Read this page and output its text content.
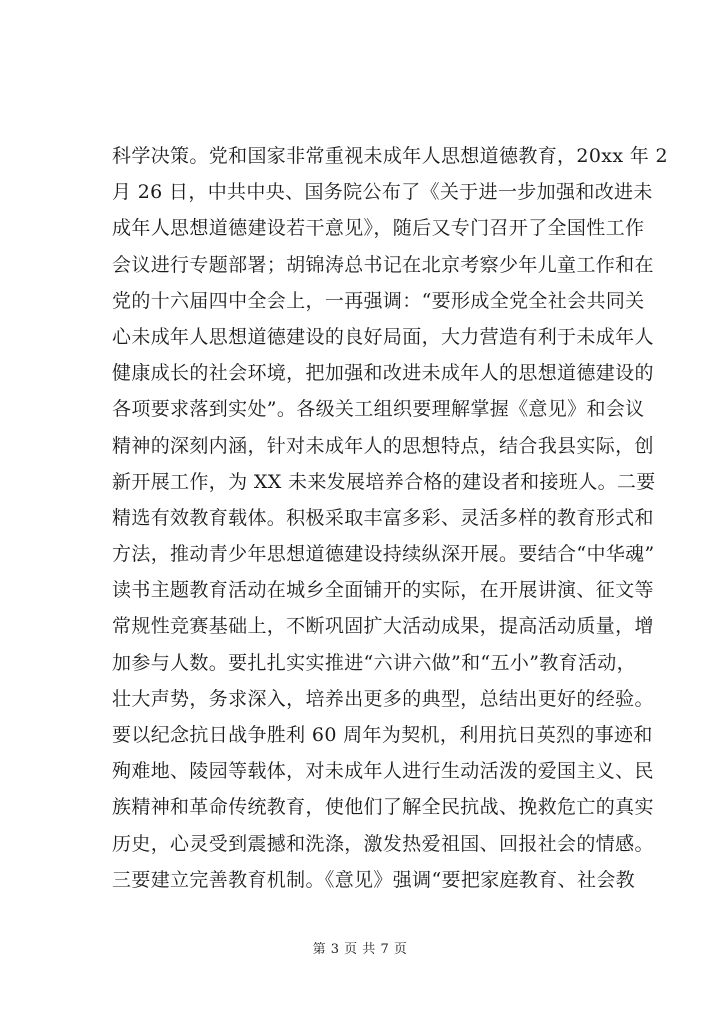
科学决策。党和国家非常重视未成年人思想道德教育，20xx 年 2
月 26 日，中共中央、国务院公布了《关于进一步加强和改进未
成年人思想道德建设若干意见》，随后又专门召开了全国性工作
会议进行专题部署；胡锦涛总书记在北京考察少年儿童工作和在
党的十六届四中全会上，一再强调：“要形成全党全社会共同关
心未成年人思想道德建设的良好局面，大力营造有利于未成年人
健康成长的社会环境，把加强和改进未成年人的思想道德建设的
各项要求落到实处”。各级关工组织要理解掌握《意见》和会议
精神的深刻内涵，针对未成年人的思想特点，结合我县实际，创
新开展工作，为 XX 未来发展培养合格的建设者和接班人。二要
精选有效教育载体。积极采取丰富多彩、灵活多样的教育形式和
方法，推动青少年思想道德建设持续纵深开展。要结合“中华魂”
读书主题教育活动在城乡全面铺开的实际，在开展讲演、征文等
常规性竞赛基础上，不断巩固扩大活动成果，提高活动质量，增
加参与人数。要扎扎实实推进“六讲六做”和“五小”教育活动，
壮大声势，务求深入，培养出更多的典型，总结出更好的经验。
要以纪念抗日战争胜利 60 周年为契机，利用抗日英烈的事迹和
殉难地、陵园等载体，对未成年人进行生动活泼的爱国主义、民
族精神和革命传统教育，使他们了解全民抗战、挽救危亡的真实
历史，心灵受到震撼和洗涤，激发热爱祖国、回报社会的情感。
三要建立完善教育机制。《意见》强调“要把家庭教育、社会教
第 3 页 共 7 页
